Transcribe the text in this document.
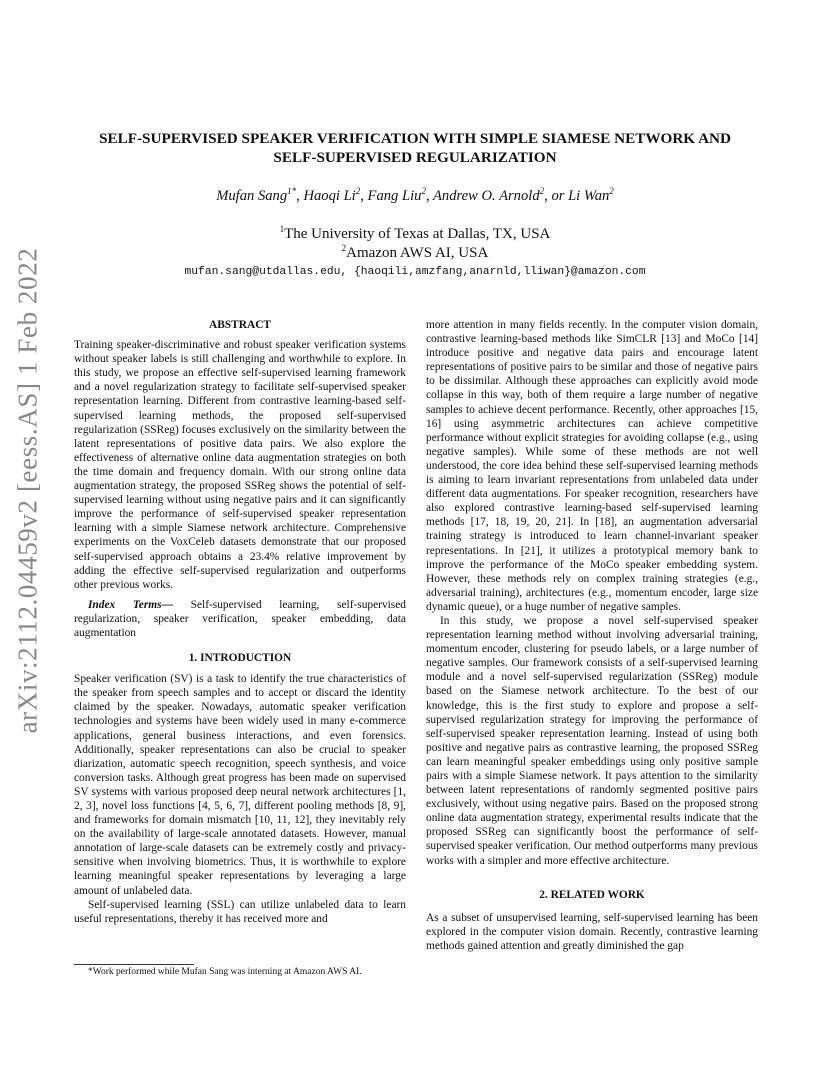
arXiv:2112.04459v2 [eess.AS] 1 Feb 2022
SELF-SUPERVISED SPEAKER VERIFICATION WITH SIMPLE SIAMESE NETWORK AND
SELF-SUPERVISED REGULARIZATION
Mufan Sang$^{1*}$, Haoqi Li$^2$, Fang Liu$^2$, Andrew O. Arnold$^2$, or Li Wan$^2$
$^1$The University of Texas at Dallas, TX, USA
$^2$Amazon AWS AI, USA
mufan.sang@utdallas.edu, {haoqili,amzfang,anarnld,lliwan}@amazon.com

ABSTRACT

Training speaker-discriminative and robust speaker verification systems without speaker labels is still challenging and worthwhile to explore. In this study, we propose an effective self-supervised learning framework and a novel regularization strategy to facilitate self-supervised speaker representation learning. Different from contrastive learning-based self-supervised learning methods, the proposed self-supervised regularization (SSReg) focuses exclusively on the similarity between the latent representations of positive data pairs. We also explore the effectiveness of alternative online data augmentation strategies on both the time domain and frequency domain. With our strong online data augmentation strategy, the proposed SSReg shows the potential of self-supervised learning without using negative pairs and it can significantly improve the performance of self-supervised speaker representation learning with a simple Siamese network architecture. Comprehensive experiments on the VoxCeleb datasets demonstrate that our proposed self-supervised approach obtains a 23.4% relative improvement by adding the effective self-supervised regularization and outperforms other previous works.

Index Terms— Self-supervised learning, self-supervised regularization, speaker verification, speaker embedding, data augmentation

1. INTRODUCTION

Speaker verification (SV) is a task to identify the true characteristics of the speaker from speech samples and to accept or discard the identity claimed by the speaker. Nowadays, automatic speaker verification technologies and systems have been widely used in many e-commerce applications, general business interactions, and even forensics. Additionally, speaker representations can also be crucial to speaker diarization, automatic speech recognition, speech synthesis, and voice conversion tasks. Although great progress has been made on supervised SV systems with various proposed deep neural network architectures [1, 2, 3], novel loss functions [4, 5, 6, 7], different pooling methods [8, 9], and frameworks for domain mismatch [10, 11, 12], they inevitably rely on the availability of large-scale annotated datasets. However, manual annotation of large-scale datasets can be extremely costly and privacy-sensitive when involving biometrics. Thus, it is worthwhile to explore learning meaningful speaker representations by leveraging a large amount of unlabeled data.

Self-supervised learning (SSL) can utilize unlabeled data to learn useful representations, thereby it has received more and

*Work performed while Mufan Sang was interning at Amazon AWS AI.

more attention in many fields recently. In the computer vision domain, contrastive learning-based methods like SimCLR [13] and MoCo [14] introduce positive and negative data pairs and encourage latent representations of positive pairs to be similar and those of negative pairs to be dissimilar. Although these approaches can explicitly avoid mode collapse in this way, both of them require a large number of negative samples to achieve decent performance. Recently, other approaches [15, 16] using asymmetric architectures can achieve competitive performance without explicit strategies for avoiding collapse (e.g., using negative samples). While some of these methods are not well understood, the core idea behind these self-supervised learning methods is aiming to learn invariant representations from unlabeled data under different data augmentations. For speaker recognition, researchers have also explored contrastive learning-based self-supervised learning methods [17, 18, 19, 20, 21]. In [18], an augmentation adversarial training strategy is introduced to learn channel-invariant speaker representations. In [21], it utilizes a prototypical memory bank to improve the performance of the MoCo speaker embedding system. However, these methods rely on complex training strategies (e.g., adversarial training), architectures (e.g., momentum encoder, large size dynamic queue), or a huge number of negative samples.

In this study, we propose a novel self-supervised speaker representation learning method without involving adversarial training, momentum encoder, clustering for pseudo labels, or a large number of negative samples. Our framework consists of a self-supervised learning module and a novel self-supervised regularization (SSReg) module based on the Siamese network architecture. To the best of our knowledge, this is the first study to explore and propose a self-supervised regularization strategy for improving the performance of self-supervised speaker representation learning. Instead of using both positive and negative pairs as contrastive learning, the proposed SSReg can learn meaningful speaker embeddings using only positive sample pairs with a simple Siamese network. It pays attention to the similarity between latent representations of randomly segmented positive pairs exclusively, without using negative pairs. Based on the proposed strong online data augmentation strategy, experimental results indicate that the proposed SSReg can significantly boost the performance of self-supervised speaker verification. Our method outperforms many previous works with a simpler and more effective architecture.

2. RELATED WORK

As a subset of unsupervised learning, self-supervised learning has been explored in the computer vision domain. Recently, contrastive learning methods gained attention and greatly diminished the gap
